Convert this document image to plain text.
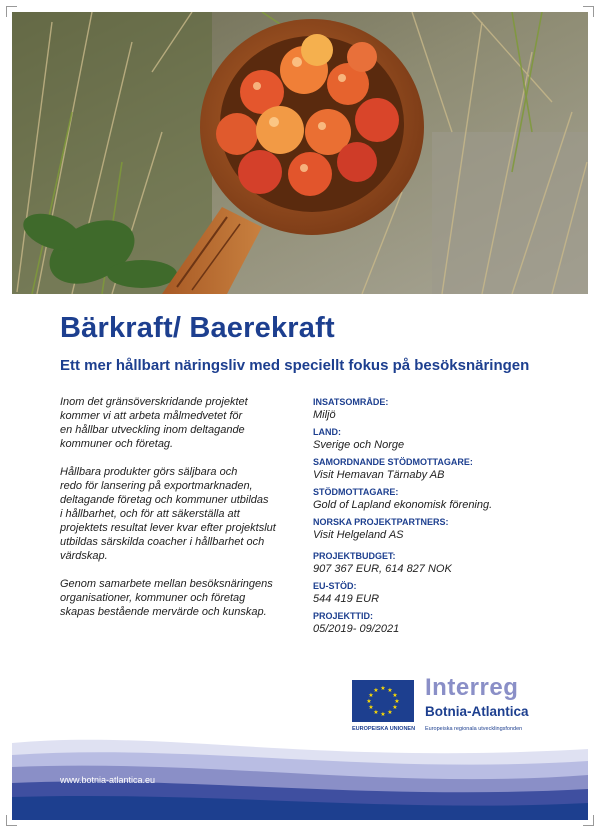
Bärkraft/ Baerekraft
Ett mer hållbart näringsliv med speciellt fokus på besöksnäringen

Inom det gränsöverskridande projektet
kommer vi att arbeta målmedvetet för
en hållbar utveckling inom deltagande
kommuner och företag.

Hållbara produkter görs säljbara och
redo för lansering på exportmarknaden,
deltagande företag och kommuner utbildas
i hållbarhet, och för att säkerställa att
projektets resultat lever kvar efter projektslut
utbildas särskilda coacher i hållbarhet och
värdskap.

Genom samarbete mellan besöksnäringens
organisationer, kommuner och företag
skapas bestående mervärde och kunskap.

INSATSOMRÅDE:
Miljö
LAND:
Sverige och Norge
SAMORDNANDE STÖDMOTTAGARE:
Visit Hemavan Tärnaby AB
STÖDMOTTAGARE:
Gold of Lapland ekonomisk förening.
NORSKA PROJEKTPARTNERS:
Visit Helgeland AS
PROJEKTBUDGET:
907 367 EUR, 614 827 NOK
EU-STÖD:
544 419 EUR
PROJEKTTID:
05/2019- 09/2021
★ ★
★
★
★
★
★
★
★
★
★
★
EUROPEISKA UNIONEN
Interreg
Botnia-Atlantica
Europeiska regionala utvecklingsfonden
www.botnia-atlantica.eu
